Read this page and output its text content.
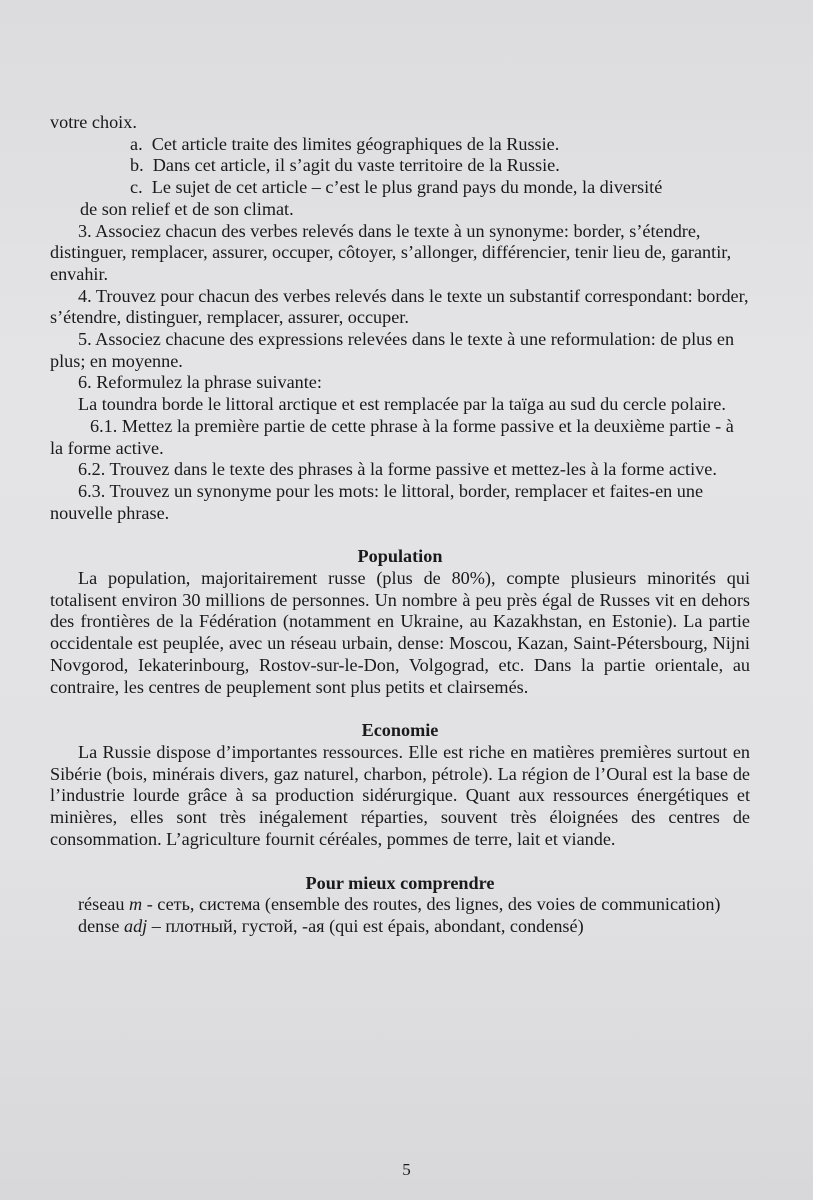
votre choix.

a. Cet article traite des limites géographiques de la Russie.

b. Dans cet article, il s’agit du vaste territoire de la Russie.

c. Le sujet de cet article – c’est le plus grand pays du monde, la diversité

de son relief et de son climat.

3. Associez chacun des verbes relevés dans le texte à un synonyme: border, s’étendre, distinguer, remplacer, assurer, occuper, côtoyer, s’allonger, différencier, tenir lieu de, garantir, envahir.

4. Trouvez pour chacun des verbes relevés dans le texte un substantif correspondant: border, s’étendre, distinguer, remplacer, assurer, occuper.

5. Associez chacune des expressions relevées dans le texte à une reformulation: de plus en plus; en moyenne.

6. Reformulez la phrase suivante:

La toundra borde le littoral arctique et est remplacée par la taïga au sud du cercle polaire.

6.1. Mettez la première partie de cette phrase à la forme passive et la deuxième partie - à la forme active.

6.2. Trouvez dans le texte des phrases à la forme passive et mettez-les à la forme active.

6.3. Trouvez un synonyme pour les mots: le littoral, border, remplacer et faites-en une nouvelle phrase.

Population

La population, majoritairement russe (plus de 80%), compte plusieurs minorités qui totalisent environ 30 millions de personnes. Un nombre à peu près égal de Russes vit en dehors des frontières de la Fédération (notamment en Ukraine, au Kazakhstan, en Estonie). La partie occidentale est peuplée, avec un réseau urbain, dense: Moscou, Kazan, Saint-Pétersbourg, Nijni Novgorod, Iekaterinbourg, Rostov-sur-le-Don, Volgograd, etc. Dans la partie orientale, au contraire, les centres de peuplement sont plus petits et clairsemés.

Economie

La Russie dispose d’importantes ressources. Elle est riche en matières premières surtout en Sibérie (bois, minérais divers, gaz naturel, charbon, pétrole). La région de l’Oural est la base de l’industrie lourde grâce à sa production sidérurgique. Quant aux ressources énergétiques et minières, elles sont très inégalement réparties, souvent très éloignées des centres de consommation. L’agriculture fournit céréales, pommes de terre, lait et viande.

Pour mieux comprendre

réseau m - сеть, система (ensemble des routes, des lignes, des voies de communication)

dense adj – плотный, густой, -ая (qui est épais, abondant, condensé)

5
